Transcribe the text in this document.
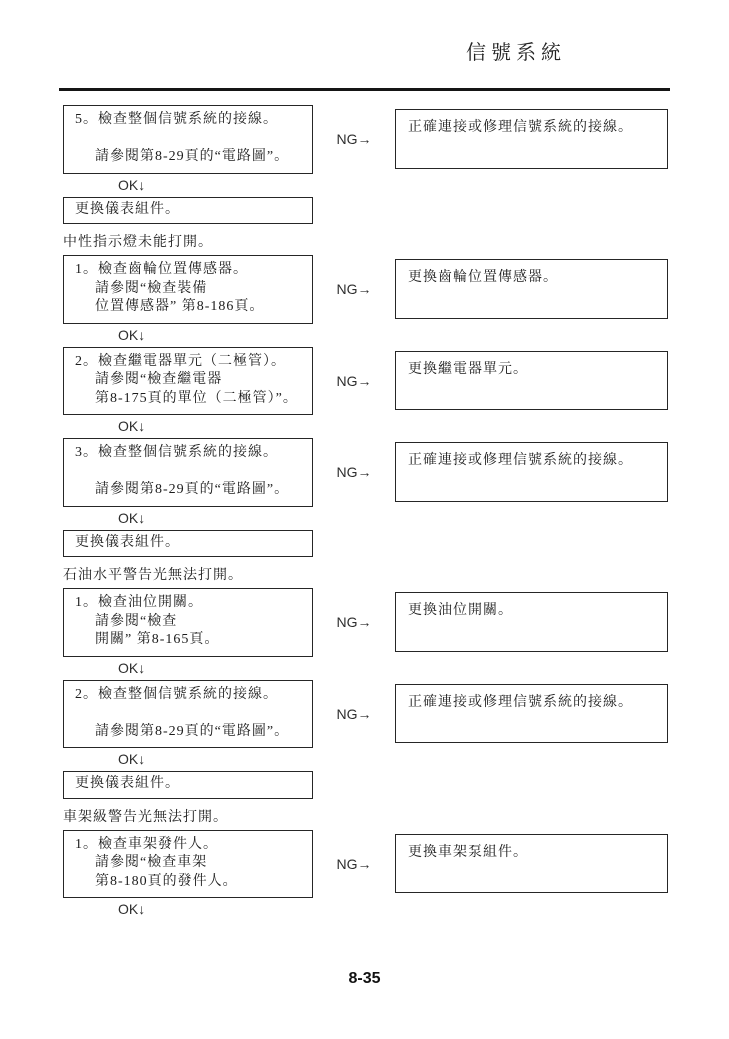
信號系統
5。檢查整個信號系統的接線。

請參閱第8-29頁的“電路圖”。
NG→
正確連接或修理信號系統的接線。
OK↓
更換儀表組件。
中性指示燈未能打開。
1。檢查齒輪位置傳感器。
請參閱“檢查裝備
位置傳感器” 第8-186頁。
NG→
更換齒輪位置傳感器。
OK↓
2。檢查繼電器單元（二極管）。
請參閱“檢查繼電器
第8-175頁的單位（二極管）”。
NG→
更換繼電器單元。
OK↓
3。檢查整個信號系統的接線。

請參閱第8-29頁的“電路圖”。
NG→
正確連接或修理信號系統的接線。
OK↓
更換儀表組件。
石油水平警告光無法打開。
1。檢查油位開關。
請參閱“檢查
開關” 第8-165頁。
NG→
更換油位開關。
OK↓
2。檢查整個信號系統的接線。

請參閱第8-29頁的“電路圖”。
NG→
正確連接或修理信號系統的接線。
OK↓
更換儀表組件。
車架級警告光無法打開。
1。檢查車架發件人。
請參閱“檢查車架
第8-180頁的發件人。
NG→
更換車架泵組件。
OK↓
8-35
